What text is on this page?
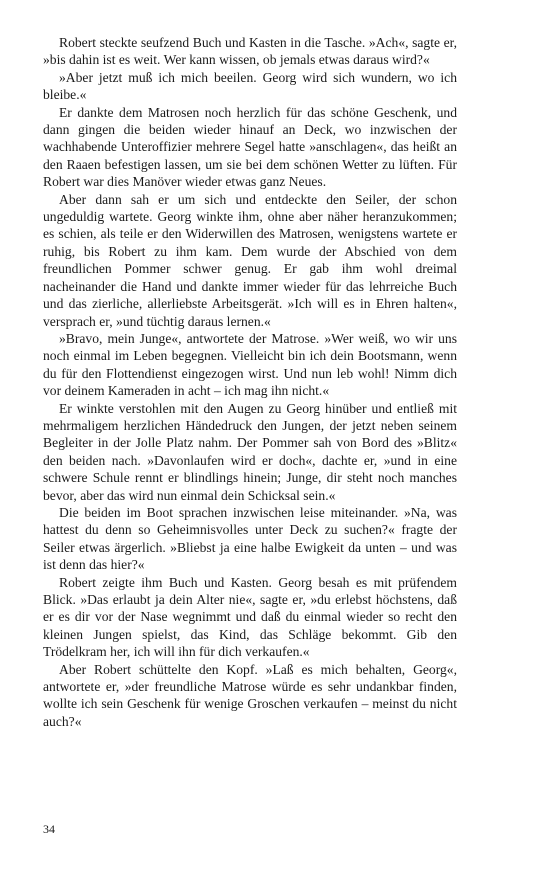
Robert steckte seufzend Buch und Kasten in die Tasche. »Ach«, sagte er, »bis dahin ist es weit. Wer kann wissen, ob jemals etwas daraus wird?«

»Aber jetzt muß ich mich beeilen. Georg wird sich wundern, wo ich bleibe.«

Er dankte dem Matrosen noch herzlich für das schöne Geschenk, und dann gingen die beiden wieder hinauf an Deck, wo inzwischen der wachhabende Unteroffizier mehrere Segel hatte »anschlagen«, das heißt an den Raaen befestigen lassen, um sie bei dem schönen Wetter zu lüften. Für Robert war dies Manöver wieder etwas ganz Neues.

Aber dann sah er um sich und entdeckte den Seiler, der schon ungeduldig wartete. Georg winkte ihm, ohne aber näher heranzukommen; es schien, als teile er den Widerwillen des Matrosen, wenigstens wartete er ruhig, bis Robert zu ihm kam. Dem wurde der Abschied von dem freundlichen Pommer schwer genug. Er gab ihm wohl dreimal nacheinander die Hand und dankte immer wieder für das lehrreiche Buch und das zierliche, allerliebste Arbeitsgerät. »Ich will es in Ehren halten«, versprach er, »und tüchtig daraus lernen.«

»Bravo, mein Junge«, antwortete der Matrose. »Wer weiß, wo wir uns noch einmal im Leben begegnen. Vielleicht bin ich dein Bootsmann, wenn du für den Flottendienst eingezogen wirst. Und nun leb wohl! Nimm dich vor deinem Kameraden in acht – ich mag ihn nicht.«

Er winkte verstohlen mit den Augen zu Georg hinüber und entließ mit mehrmaligem herzlichen Händedruck den Jungen, der jetzt neben seinem Begleiter in der Jolle Platz nahm. Der Pommer sah von Bord des »Blitz« den beiden nach. »Davonlaufen wird er doch«, dachte er, »und in eine schwere Schule rennt er blindlings hinein; Junge, dir steht noch manches bevor, aber das wird nun einmal dein Schicksal sein.«

Die beiden im Boot sprachen inzwischen leise miteinander. »Na, was hattest du denn so Geheimnisvolles unter Deck zu suchen?« fragte der Seiler etwas ärgerlich. »Bliebst ja eine halbe Ewigkeit da unten – und was ist denn das hier?«

Robert zeigte ihm Buch und Kasten. Georg besah es mit prüfendem Blick. »Das erlaubt ja dein Alter nie«, sagte er, »du erlebst höchstens, daß er es dir vor der Nase wegnimmt und daß du einmal wieder so recht den kleinen Jungen spielst, das Kind, das Schläge bekommt. Gib den Trödelkram her, ich will ihn für dich verkaufen.«

Aber Robert schüttelte den Kopf. »Laß es mich behalten, Georg«, antwortete er, »der freundliche Matrose würde es sehr undankbar finden, wollte ich sein Geschenk für wenige Groschen verkaufen – meinst du nicht auch?«

34
